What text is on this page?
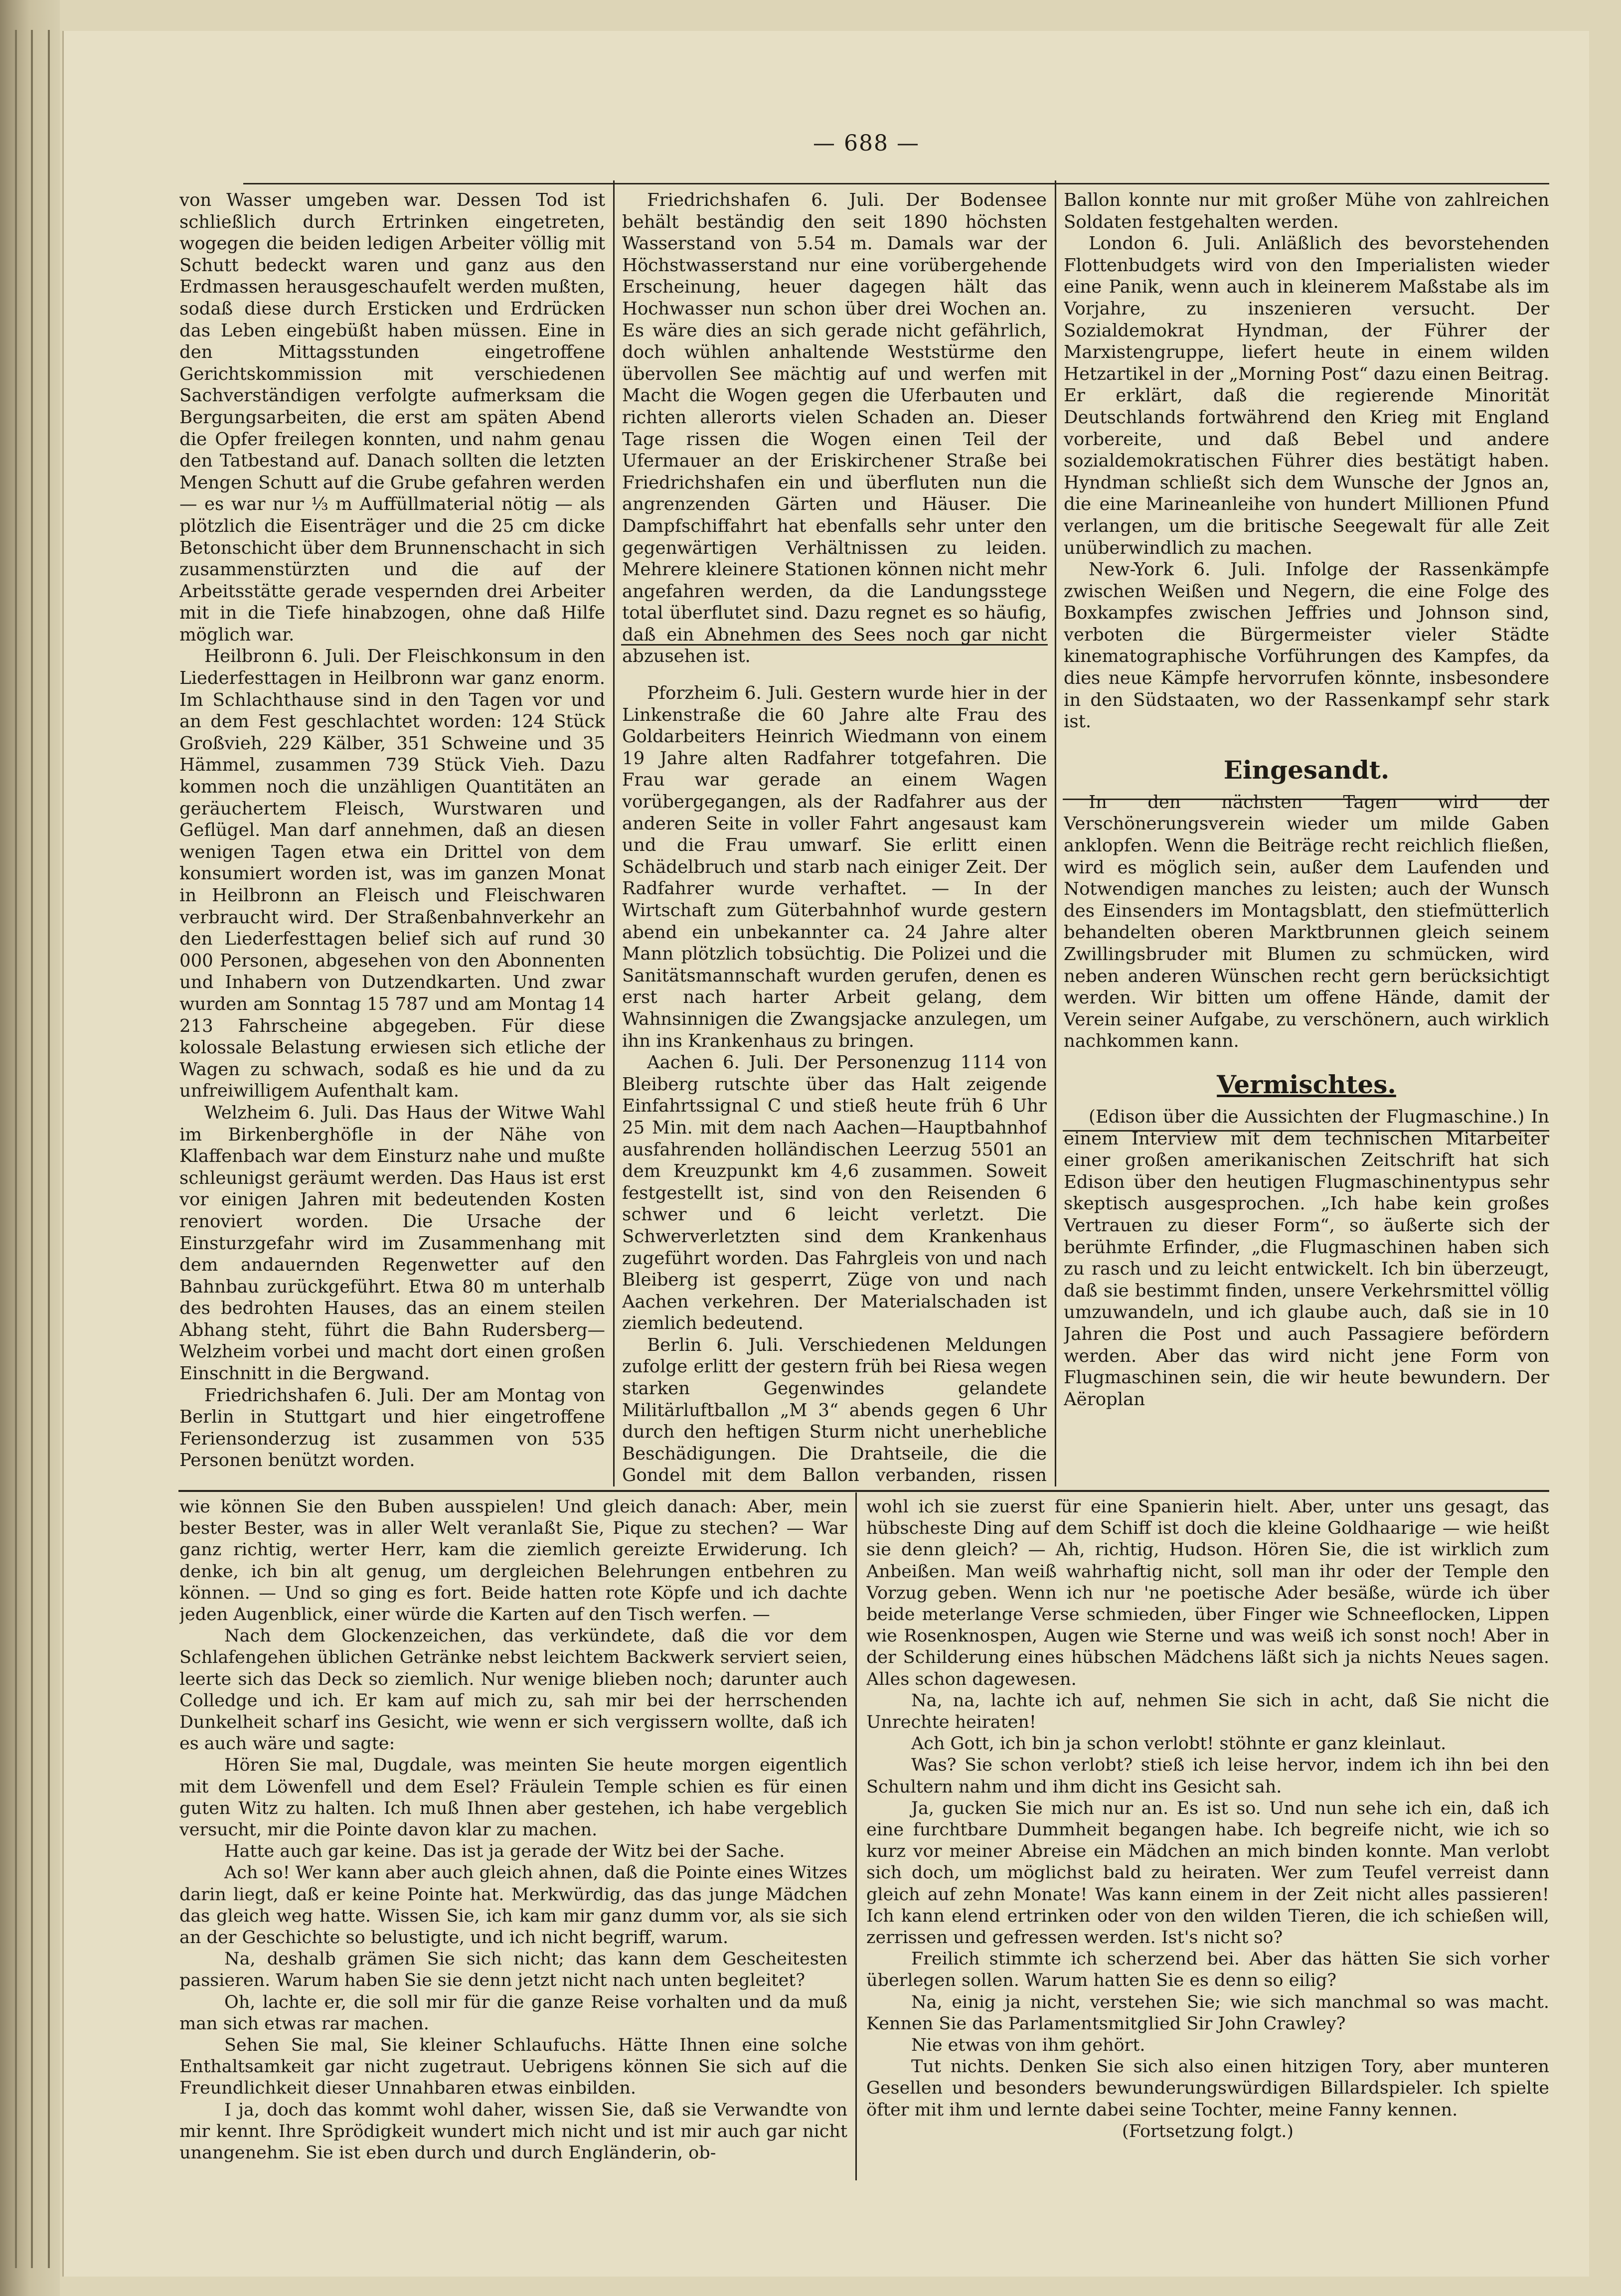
— 688 —

von Wasser umgeben war. Dessen Tod ist schließlich durch Ertrinken eingetreten, wogegen die beiden ledigen Arbeiter völlig mit Schutt bedeckt waren und ganz aus den Erdmassen herausgeschaufelt werden mußten, sodaß diese durch Ersticken und Erdrücken das Leben eingebüßt haben müssen. Eine in den Mittagsstunden eingetroffene Gerichtskommission mit verschiedenen Sachverständigen verfolgte aufmerksam die Bergungsarbeiten, die erst am späten Abend die Opfer freilegen konnten, und nahm genau den Tatbestand auf. Danach sollten die letzten Mengen Schutt auf die Grube gefahren werden — es war nur ⅓ m Auffüllmaterial nötig — als plötzlich die Eisenträger und die 25 cm dicke Betonschicht über dem Brunnenschacht in sich zusammenstürzten und die auf der Arbeitsstätte gerade vespernden drei Arbeiter mit in die Tiefe hinabzogen, ohne daß Hilfe möglich war.

Heilbronn 6. Juli. Der Fleischkonsum in den Liederfesttagen in Heilbronn war ganz enorm. Im Schlachthause sind in den Tagen vor und an dem Fest geschlachtet worden: 124 Stück Großvieh, 229 Kälber, 351 Schweine und 35 Hämmel, zusammen 739 Stück Vieh. Dazu kommen noch die unzähligen Quantitäten an geräuchertem Fleisch, Wurstwaren und Geflügel. Man darf annehmen, daß an diesen wenigen Tagen etwa ein Drittel von dem konsumiert worden ist, was im ganzen Monat in Heilbronn an Fleisch und Fleischwaren verbraucht wird. Der Straßenbahnverkehr an den Liederfesttagen belief sich auf rund 30 000 Personen, abgesehen von den Abonnenten und Inhabern von Dutzendkarten. Und zwar wurden am Sonntag 15 787 und am Montag 14 213 Fahrscheine abgegeben. Für diese kolossale Belastung erwiesen sich etliche der Wagen zu schwach, sodaß es hie und da zu unfreiwilligem Aufenthalt kam.

Welzheim 6. Juli. Das Haus der Witwe Wahl im Birkenberghöfle in der Nähe von Klaffenbach war dem Einsturz nahe und mußte schleunigst geräumt werden. Das Haus ist erst vor einigen Jahren mit bedeutenden Kosten renoviert worden. Die Ursache der Einsturzgefahr wird im Zusammenhang mit dem andauernden Regenwetter auf den Bahnbau zurückgeführt. Etwa 80 m unterhalb des bedrohten Hauses, das an einem steilen Abhang steht, führt die Bahn Rudersberg—Welzheim vorbei und macht dort einen großen Einschnitt in die Bergwand.

Friedrichshafen 6. Juli. Der am Montag von Berlin in Stuttgart und hier eingetroffene Feriensonderzug ist zusammen von 535 Personen benützt worden.

Friedrichshafen 6. Juli. Der Bodensee behält beständig den seit 1890 höchsten Wasserstand von 5.54 m. Damals war der Höchstwasserstand nur eine vorübergehende Erscheinung, heuer dagegen hält das Hochwasser nun schon über drei Wochen an. Es wäre dies an sich gerade nicht gefährlich, doch wühlen anhaltende Weststürme den übervollen See mächtig auf und werfen mit Macht die Wogen gegen die Uferbauten und richten allerorts vielen Schaden an. Dieser Tage rissen die Wogen einen Teil der Ufermauer an der Eriskirchener Straße bei Friedrichshafen ein und überfluten nun die angrenzenden Gärten und Häuser. Die Dampfschiffahrt hat ebenfalls sehr unter den gegenwärtigen Verhältnissen zu leiden. Mehrere kleinere Stationen können nicht mehr angefahren werden, da die Landungsstege total überflutet sind. Dazu regnet es so häufig, daß ein Abnehmen des Sees noch gar nicht abzusehen ist.

Pforzheim 6. Juli. Gestern wurde hier in der Linkenstraße die 60 Jahre alte Frau des Goldarbeiters Heinrich Wiedmann von einem 19 Jahre alten Radfahrer totgefahren. Die Frau war gerade an einem Wagen vorübergegangen, als der Radfahrer aus der anderen Seite in voller Fahrt angesaust kam und die Frau umwarf. Sie erlitt einen Schädelbruch und starb nach einiger Zeit. Der Radfahrer wurde verhaftet. — In der Wirtschaft zum Güterbahnhof wurde gestern abend ein unbekannter ca. 24 Jahre alter Mann plötzlich tobsüchtig. Die Polizei und die Sanitätsmannschaft wurden gerufen, denen es erst nach harter Arbeit gelang, dem Wahnsinnigen die Zwangsjacke anzulegen, um ihn ins Krankenhaus zu bringen.

Aachen 6. Juli. Der Personenzug 1114 von Bleiberg rutschte über das Halt zeigende Einfahrtssignal C und stieß heute früh 6 Uhr 25 Min. mit dem nach Aachen—Hauptbahnhof ausfahrenden holländischen Leerzug 5501 an dem Kreuzpunkt km 4,6 zusammen. Soweit festgestellt ist, sind von den Reisenden 6 schwer und 6 leicht verletzt. Die Schwerverletzten sind dem Krankenhaus zugeführt worden. Das Fahrgleis von und nach Bleiberg ist gesperrt, Züge von und nach Aachen verkehren. Der Materialschaden ist ziemlich bedeutend.

Berlin 6. Juli. Verschiedenen Meldungen zufolge erlitt der gestern früh bei Riesa wegen starken Gegenwindes gelandete Militärluftballon „M 3“ abends gegen 6 Uhr durch den heftigen Sturm nicht unerhebliche Beschädigungen. Die Drahtseile, die die Gondel mit dem Ballon verbanden, rissen

Ballon konnte nur mit großer Mühe von zahlreichen Soldaten festgehalten werden.

London 6. Juli. Anläßlich des bevorstehenden Flottenbudgets wird von den Imperialisten wieder eine Panik, wenn auch in kleinerem Maßstabe als im Vorjahre, zu inszenieren versucht. Der Sozialdemokrat Hyndman, der Führer der Marxistengruppe, liefert heute in einem wilden Hetzartikel in der „Morning Post“ dazu einen Beitrag. Er erklärt, daß die regierende Minorität Deutschlands fortwährend den Krieg mit England vorbereite, und daß Bebel und andere sozialdemokratischen Führer dies bestätigt haben. Hyndman schließt sich dem Wunsche der Jgnos an, die eine Marineanleihe von hundert Millionen Pfund verlangen, um die britische Seegewalt für alle Zeit unüberwindlich zu machen.

New-York 6. Juli. Infolge der Rassenkämpfe zwischen Weißen und Negern, die eine Folge des Boxkampfes zwischen Jeffries und Johnson sind, verboten die Bürgermeister vieler Städte kinematographische Vorführungen des Kampfes, da dies neue Kämpfe hervorrufen könnte, insbesondere in den Südstaaten, wo der Rassenkampf sehr stark ist.

Eingesandt.

In den nächsten Tagen wird der Verschönerungsverein wieder um milde Gaben anklopfen. Wenn die Beiträge recht reichlich fließen, wird es möglich sein, außer dem Laufenden und Notwendigen manches zu leisten; auch der Wunsch des Einsenders im Montagsblatt, den stiefmütterlich behandelten oberen Marktbrunnen gleich seinem Zwillingsbruder mit Blumen zu schmücken, wird neben anderen Wünschen recht gern berücksichtigt werden. Wir bitten um offene Hände, damit der Verein seiner Aufgabe, zu verschönern, auch wirklich nachkommen kann.

Vermischtes.

(Edison über die Aussichten der Flugmaschine.) In einem Interview mit dem technischen Mitarbeiter einer großen amerikanischen Zeitschrift hat sich Edison über den heutigen Flugmaschinentypus sehr skeptisch ausgesprochen. „Ich habe kein großes Vertrauen zu dieser Form“, so äußerte sich der berühmte Erfinder, „die Flugmaschinen haben sich zu rasch und zu leicht entwickelt. Ich bin überzeugt, daß sie bestimmt finden, unsere Verkehrsmittel völlig umzuwandeln, und ich glaube auch, daß sie in 10 Jahren die Post und auch Passagiere befördern werden. Aber das wird nicht jene Form von Flugmaschinen sein, die wir heute bewundern. Der Aëroplan

wie können Sie den Buben ausspielen! Und gleich danach: Aber, mein bester Bester, was in aller Welt veranlaßt Sie, Pique zu stechen? — War ganz richtig, werter Herr, kam die ziemlich gereizte Erwiderung. Ich denke, ich bin alt genug, um dergleichen Belehrungen entbehren zu können. — Und so ging es fort. Beide hatten rote Köpfe und ich dachte jeden Augenblick, einer würde die Karten auf den Tisch werfen. —

Nach dem Glockenzeichen, das verkündete, daß die vor dem Schlafengehen üblichen Getränke nebst leichtem Backwerk serviert seien, leerte sich das Deck so ziemlich. Nur wenige blieben noch; darunter auch Colledge und ich. Er kam auf mich zu, sah mir bei der herrschenden Dunkelheit scharf ins Gesicht, wie wenn er sich vergissern wollte, daß ich es auch wäre und sagte:

Hören Sie mal, Dugdale, was meinten Sie heute morgen eigentlich mit dem Löwenfell und dem Esel? Fräulein Temple schien es für einen guten Witz zu halten. Ich muß Ihnen aber gestehen, ich habe vergeblich versucht, mir die Pointe davon klar zu machen.

Hatte auch gar keine. Das ist ja gerade der Witz bei der Sache.

Ach so! Wer kann aber auch gleich ahnen, daß die Pointe eines Witzes darin liegt, daß er keine Pointe hat. Merkwürdig, das das junge Mädchen das gleich weg hatte. Wissen Sie, ich kam mir ganz dumm vor, als sie sich an der Geschichte so belustigte, und ich nicht begriff, warum.

Na, deshalb grämen Sie sich nicht; das kann dem Gescheitesten passieren. Warum haben Sie sie denn jetzt nicht nach unten begleitet?

Oh, lachte er, die soll mir für die ganze Reise vorhalten und da muß man sich etwas rar machen.

Sehen Sie mal, Sie kleiner Schlaufuchs. Hätte Ihnen eine solche Enthaltsamkeit gar nicht zugetraut. Uebrigens können Sie sich auf die Freundlichkeit dieser Unnahbaren etwas einbilden.

I ja, doch das kommt wohl daher, wissen Sie, daß sie Verwandte von mir kennt. Ihre Sprödigkeit wundert mich nicht und ist mir auch gar nicht unangenehm. Sie ist eben durch und durch Engländerin, ob-

wohl ich sie zuerst für eine Spanierin hielt. Aber, unter uns gesagt, das hübscheste Ding auf dem Schiff ist doch die kleine Goldhaarige — wie heißt sie denn gleich? — Ah, richtig, Hudson. Hören Sie, die ist wirklich zum Anbeißen. Man weiß wahrhaftig nicht, soll man ihr oder der Temple den Vorzug geben. Wenn ich nur 'ne poetische Ader besäße, würde ich über beide meterlange Verse schmieden, über Finger wie Schneeflocken, Lippen wie Rosenknospen, Augen wie Sterne und was weiß ich sonst noch! Aber in der Schilderung eines hübschen Mädchens läßt sich ja nichts Neues sagen. Alles schon dagewesen.

Na, na, lachte ich auf, nehmen Sie sich in acht, daß Sie nicht die Unrechte heiraten!

Ach Gott, ich bin ja schon verlobt! stöhnte er ganz kleinlaut.

Was? Sie schon verlobt? stieß ich leise hervor, indem ich ihn bei den Schultern nahm und ihm dicht ins Gesicht sah.

Ja, gucken Sie mich nur an. Es ist so. Und nun sehe ich ein, daß ich eine furchtbare Dummheit begangen habe. Ich begreife nicht, wie ich so kurz vor meiner Abreise ein Mädchen an mich binden konnte. Man verlobt sich doch, um möglichst bald zu heiraten. Wer zum Teufel verreist dann gleich auf zehn Monate! Was kann einem in der Zeit nicht alles passieren! Ich kann elend ertrinken oder von den wilden Tieren, die ich schießen will, zerrissen und gefressen werden. Ist's nicht so?

Freilich stimmte ich scherzend bei. Aber das hätten Sie sich vorher überlegen sollen. Warum hatten Sie es denn so eilig?

Na, einig ja nicht, verstehen Sie; wie sich manchmal so was macht. Kennen Sie das Parlamentsmitglied Sir John Crawley?

Nie etwas von ihm gehört.

Tut nichts. Denken Sie sich also einen hitzigen Tory, aber munteren Gesellen und besonders bewunderungswürdigen Billardspieler. Ich spielte öfter mit ihm und lernte dabei seine Tochter, meine Fanny kennen.

(Fortsetzung folgt.)
